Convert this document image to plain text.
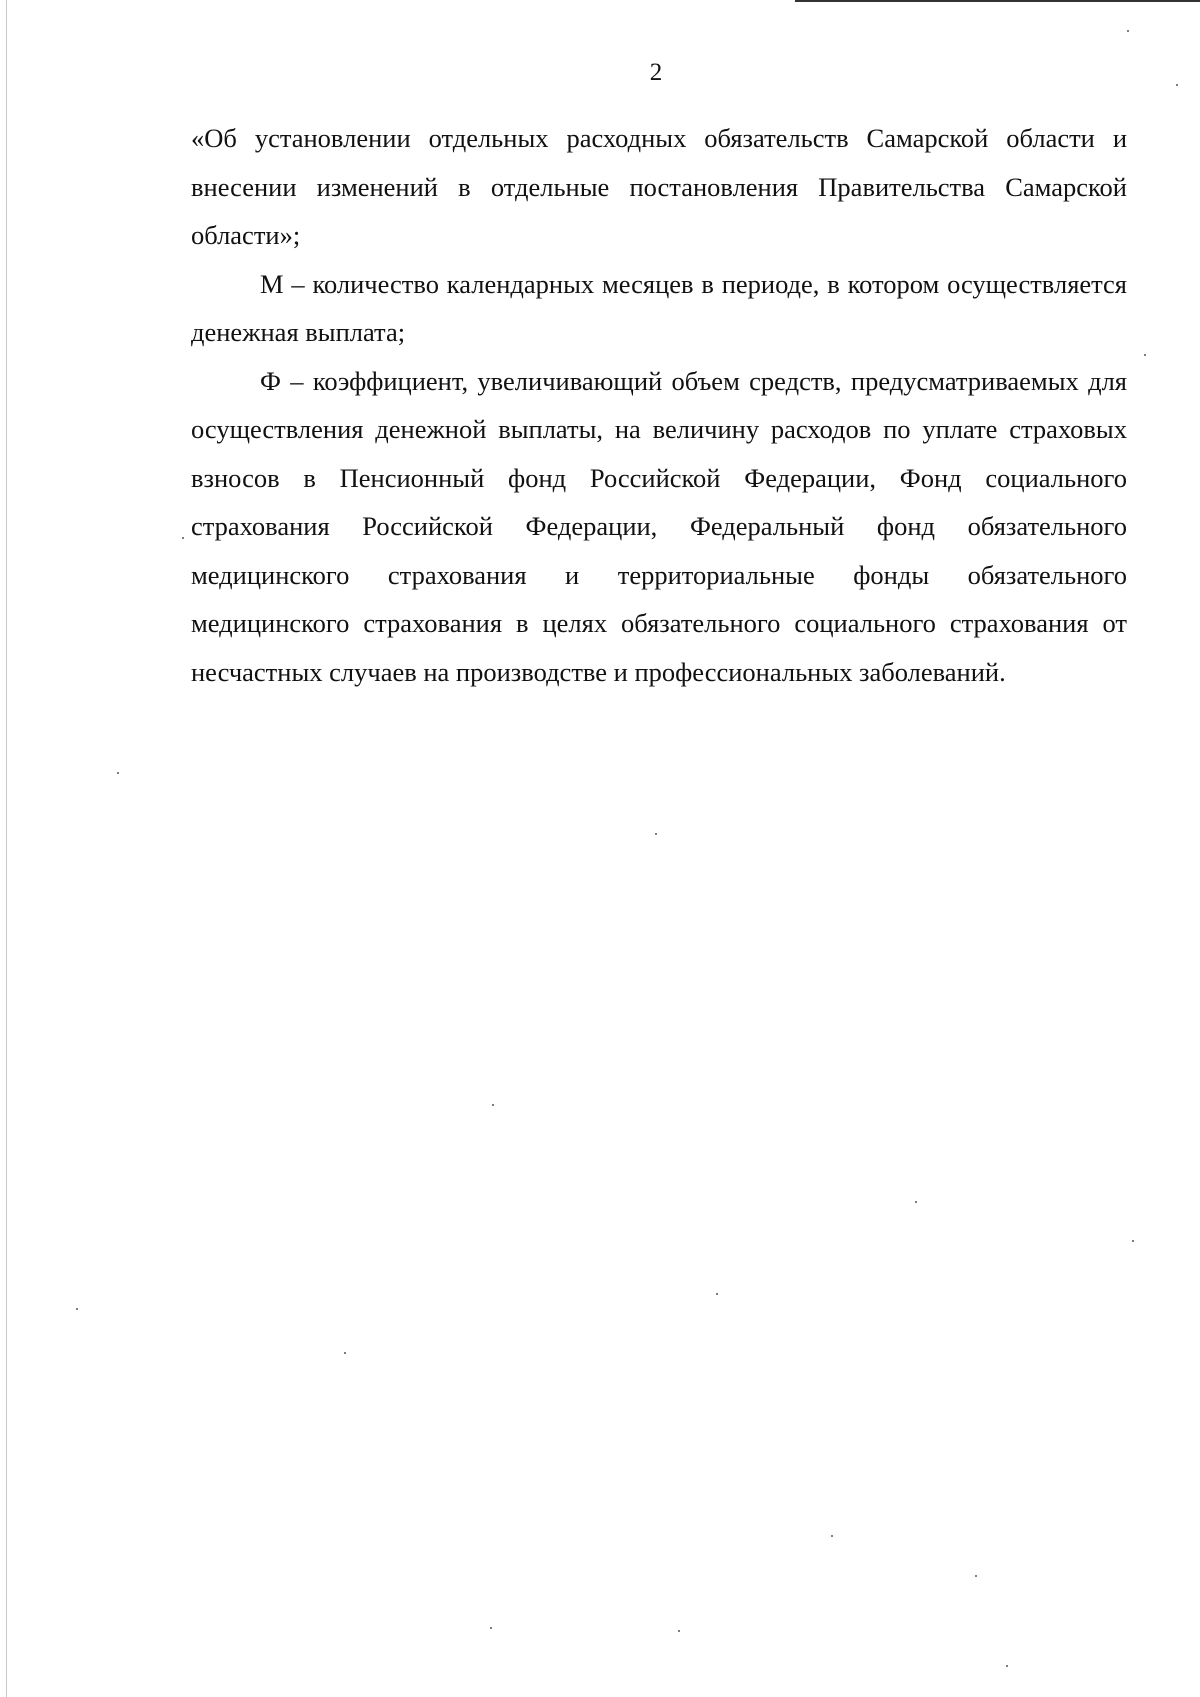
2

«Об установлении отдельных расходных обязательств Самарской области и внесении изменений в отдельные постановления Правительства Самарской области»;

М – количество календарных месяцев в периоде, в котором осуществляется денежная выплата;

Ф – коэффициент, увеличивающий объем средств, предусматриваемых для осуществления денежной выплаты, на величину расходов по уплате страховых взносов в Пенсионный фонд Российской Федерации, Фонд социального страхования Российской Федерации, Федеральный фонд обязательного медицинского страхования и территориальные фонды обязательного медицинского страхования в целях обязательного социального страхования от несчастных случаев на производстве и профессиональных заболеваний.
